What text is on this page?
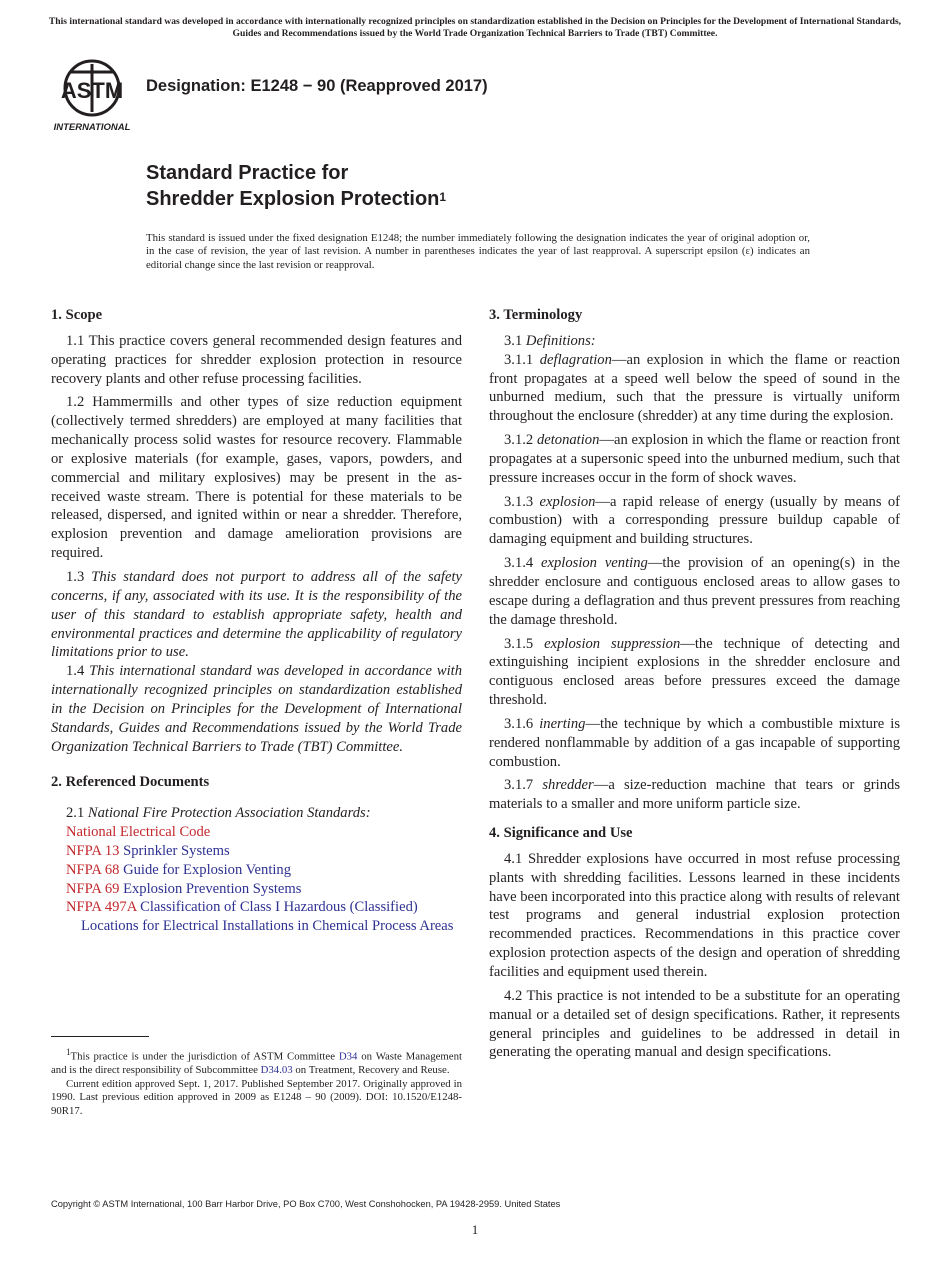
This international standard was developed in accordance with internationally recognized principles on standardization established in the Decision on Principles for the Development of International Standards, Guides and Recommendations issued by the World Trade Organization Technical Barriers to Trade (TBT) Committee.
ASTM
INTERNATIONAL
Designation: E1248 − 90 (Reapproved 2017)
Standard Practice for
Shredder Explosion Protection$^1$
This standard is issued under the fixed designation E1248; the number immediately following the designation indicates the year of original adoption or, in the case of revision, the year of last revision. A number in parentheses indicates the year of last reapproval. A superscript epsilon (ε) indicates an editorial change since the last revision or reapproval.
1. Scope

1.1 This practice covers general recommended design features and operating practices for shredder explosion protection in resource recovery plants and other refuse processing facilities.

1.2 Hammermills and other types of size reduction equipment (collectively termed shredders) are employed at many facilities that mechanically process solid wastes for resource recovery. Flammable or explosive materials (for example, gases, vapors, powders, and commercial and military explosives) may be present in the as-received waste stream. There is potential for these materials to be released, dispersed, and ignited within or near a shredder. Therefore, explosion prevention and damage amelioration provisions are required.

1.3 This standard does not purport to address all of the safety concerns, if any, associated with its use. It is the responsibility of the user of this standard to establish appropriate safety, health and environmental practices and determine the applicability of regulatory limitations prior to use.

1.4 This international standard was developed in accordance with internationally recognized principles on standardization established in the Decision on Principles for the Development of International Standards, Guides and Recommendations issued by the World Trade Organization Technical Barriers to Trade (TBT) Committee.

2. Referenced Documents

2.1 National Fire Protection Association Standards:

National Electrical Code
NFPA 13 Sprinkler Systems
NFPA 68 Guide for Explosion Venting
NFPA 69 Explosion Prevention Systems
NFPA 497A Classification of Class I Hazardous (Classified) Locations for Electrical Installations in Chemical Process Areas
3. Terminology

3.1 Definitions:

3.1.1 deflagration—an explosion in which the flame or reaction front propagates at a speed well below the speed of sound in the unburned medium, such that the pressure is virtually uniform throughout the enclosure (shredder) at any time during the explosion.

3.1.2 detonation—an explosion in which the flame or reaction front propagates at a supersonic speed into the unburned medium, such that pressure increases occur in the form of shock waves.

3.1.3 explosion—a rapid release of energy (usually by means of combustion) with a corresponding pressure buildup capable of damaging equipment and building structures.

3.1.4 explosion venting—the provision of an opening(s) in the shredder enclosure and contiguous enclosed areas to allow gases to escape during a deflagration and thus prevent pressures from reaching the damage threshold.

3.1.5 explosion suppression—the technique of detecting and extinguishing incipient explosions in the shredder enclosure and contiguous enclosed areas before pressures exceed the damage threshold.

3.1.6 inerting—the technique by which a combustible mixture is rendered nonflammable by addition of a gas incapable of supporting combustion.

3.1.7 shredder—a size-reduction machine that tears or grinds materials to a smaller and more uniform particle size.

4. Significance and Use

4.1 Shredder explosions have occurred in most refuse processing plants with shredding facilities. Lessons learned in these incidents have been incorporated into this practice along with results of relevant test programs and general industrial explosion protection recommended practices. Recommendations in this practice cover explosion protection aspects of the design and operation of shredding facilities and equipment used therein.

4.2 This practice is not intended to be a substitute for an operating manual or a detailed set of design specifications. Rather, it represents general principles and guidelines to be addressed in detail in generating the operating manual and design specifications.

$^1$This practice is under the jurisdiction of ASTM Committee D34 on Waste Management and is the direct responsibility of Subcommittee D34.03 on Treatment, Recovery and Reuse.

Current edition approved Sept. 1, 2017. Published September 2017. Originally approved in 1990. Last previous edition approved in 2009 as E1248 – 90 (2009). DOI: 10.1520/E1248-90R17.

Copyright © ASTM International, 100 Barr Harbor Drive, PO Box C700, West Conshohocken, PA 19428-2959. United States
1
